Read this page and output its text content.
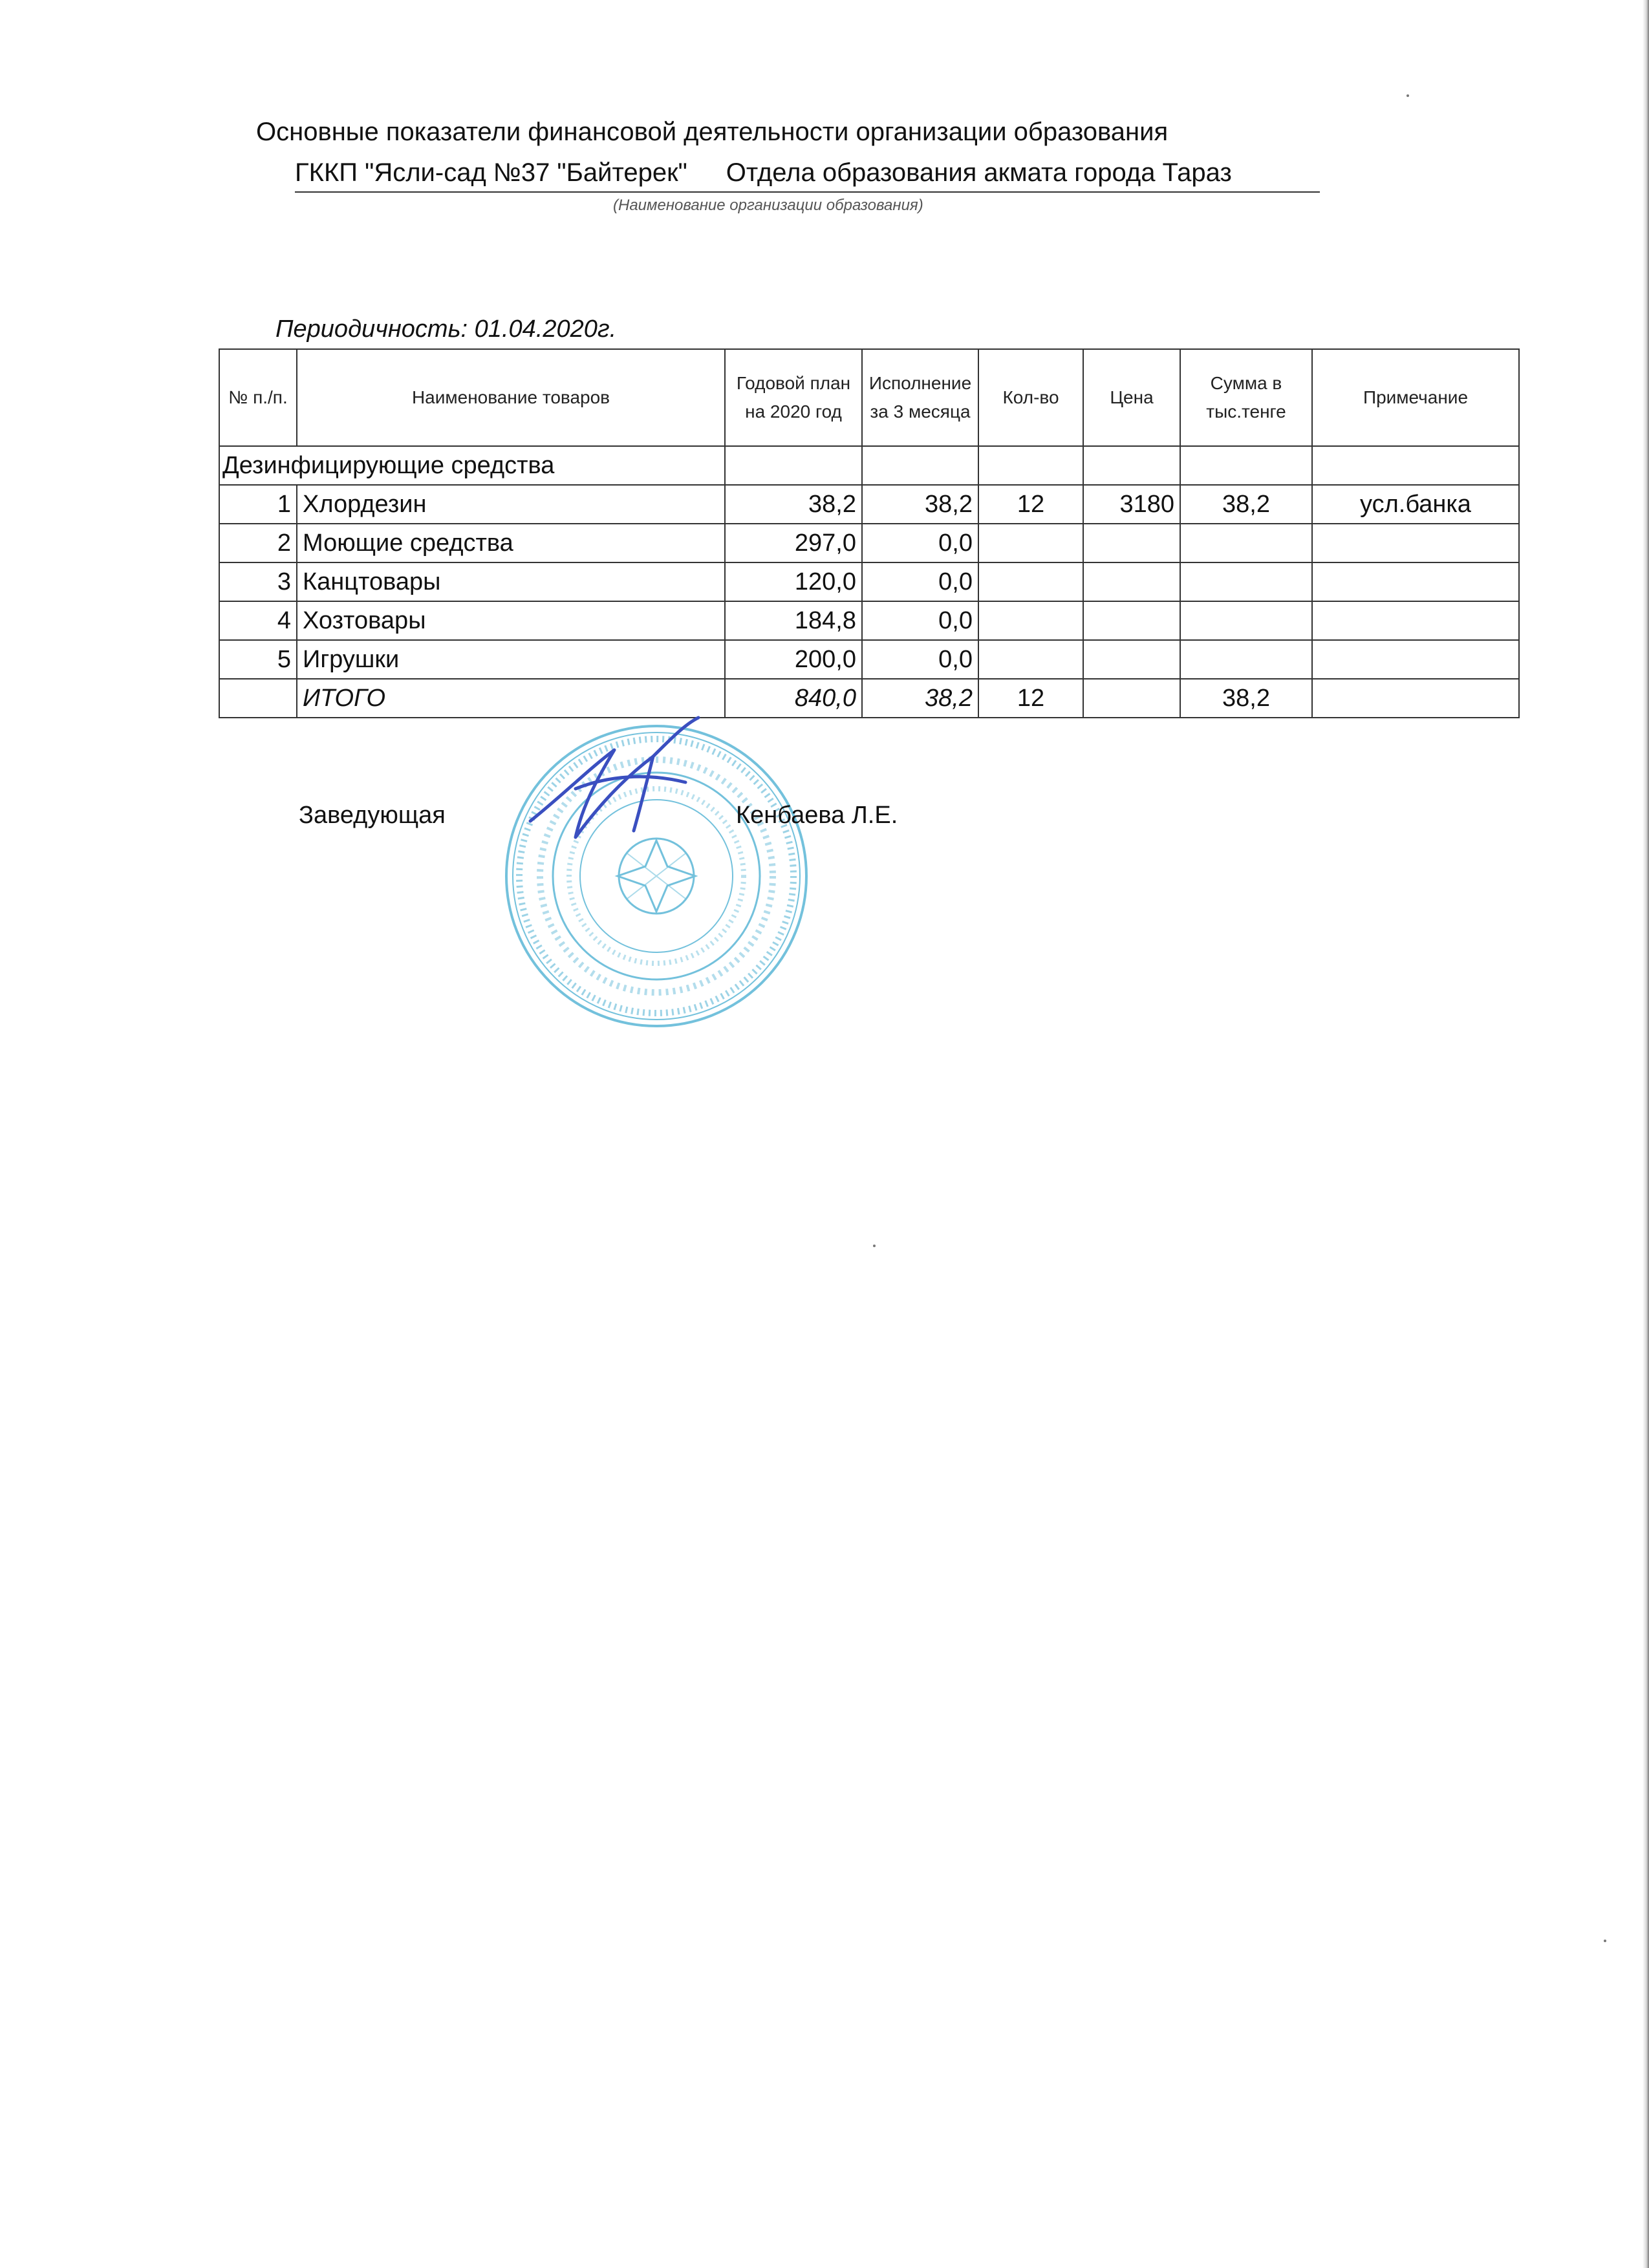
Основные показатели финансовой деятельности организации образования
ГККП "Ясли-сад №37 "Байтерек" Отдела образования акмата города Тараз
(Наименование организации образования)
Периодичность: 01.04.2020г.
№ п./п.	Наименование товаров	Годовой план на 2020 год	Исполнение за 3 месяца	Кол-во	Цена	Сумма в тыс.тенге	Примечание
Дезинфицирующие средства							
1	Хлордезин	38,2	38,2	12	3180	38,2	усл.банка
2	Моющие средства	297,0	0,0				
3	Канцтовары	120,0	0,0				
4	Хозтовары	184,8	0,0				
5	Игрушки	200,0	0,0				
	ИТОГО	840,0	38,2	12		38,2	
Заведующая	Кенбаева Л.Е.
